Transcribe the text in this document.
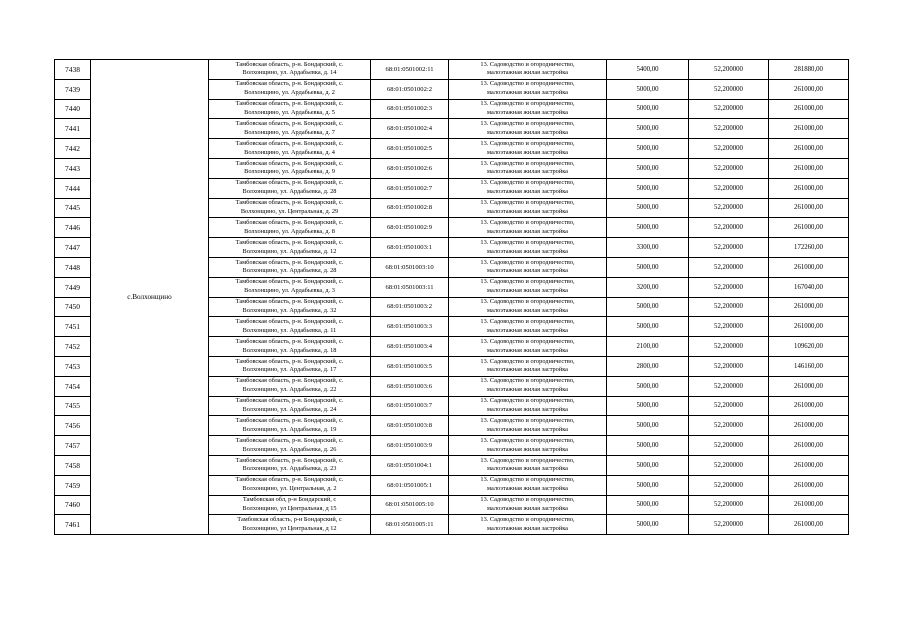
7438	с.Волхонщино	Тамбовская область, р-н. Бондарский, с.
Волхонщино, ул. Ардабьевка, д. 14	68:01:0501002:11	13. Садоводство и огородничество,
малоэтажная жилая застройка	5400,00	52,200000	281880,00
7439		Тамбовская область, р-н. Бондарский, с.
Волхонщино, ул. Ардабьевка, д. 2	68:01:0501002:2	13. Садоводство и огородничество,
малоэтажная жилая застройка	5000,00	52,200000	261000,00
7440		Тамбовская область, р-н. Бондарский, с.
Волхонщино, ул. Ардабьевка, д. 5	68:01:0501002:3	13. Садоводство и огородничество,
малоэтажная жилая застройка	5000,00	52,200000	261000,00
7441		Тамбовская область, р-н. Бондарский, с.
Волхонщино, ул. Ардабьевка, д. 7	68:01:0501002:4	13. Садоводство и огородничество,
малоэтажная жилая застройка	5000,00	52,200000	261000,00
7442		Тамбовская область, р-н. Бондарский, с.
Волхонщино, ул. Ардабьевка, д. 4	68:01:0501002:5	13. Садоводство и огородничество,
малоэтажная жилая застройка	5000,00	52,200000	261000,00
7443		Тамбовская область, р-н. Бондарский, с.
Волхонщино, ул. Ардабьевка, д. 9	68:01:0501002:6	13. Садоводство и огородничество,
малоэтажная жилая застройка	5000,00	52,200000	261000,00
7444		Тамбовская область, р-н. Бондарский, с.
Волхонщино, ул. Ардабьевка, д. 28	68:01:0501002:7	13. Садоводство и огородничество,
малоэтажная жилая застройка	5000,00	52,200000	261000,00
7445		Тамбовская область, р-н. Бондарский, с.
Волхонщино, ул. Центральная, д. 29	68:01:0501002:8	13. Садоводство и огородничество,
малоэтажная жилая застройка	5000,00	52,200000	261000,00
7446		Тамбовская область, р-н. Бондарский, с.
Волхонщино, ул. Ардабьевка, д. 8	68:01:0501002:9	13. Садоводство и огородничество,
малоэтажная жилая застройка	5000,00	52,200000	261000,00
7447		Тамбовская область, р-н. Бондарский, с.
Волхонщино, ул. Ардабьевка, д. 12	68:01:0501003:1	13. Садоводство и огородничество,
малоэтажная жилая застройка	3300,00	52,200000	172260,00
7448		Тамбовская область, р-н. Бондарский, с.
Волхонщино, ул. Ардабьевка, д. 28	68:01:0501003:10	13. Садоводство и огородничество,
малоэтажная жилая застройка	5000,00	52,200000	261000,00
7449		Тамбовская область, р-н. Бондарский, с.
Волхонщино, ул. Ардабьевка, д. 3	68:01:0501003:11	13. Садоводство и огородничество,
малоэтажная жилая застройка	3200,00	52,200000	167040,00
7450		Тамбовская область, р-н. Бондарский, с.
Волхонщино, ул. Ардабьевка, д. 32	68:01:0501003:2	13. Садоводство и огородничество,
малоэтажная жилая застройка	5000,00	52,200000	261000,00
7451		Тамбовская область, р-н. Бондарский, с.
Волхонщино, ул. Ардабьевка, д. 11	68:01:0501003:3	13. Садоводство и огородничество,
малоэтажная жилая застройка	5000,00	52,200000	261000,00
7452		Тамбовская область, р-н. Бондарский, с.
Волхонщино, ул. Ардабьевка, д. 18	68:01:0501003:4	13. Садоводство и огородничество,
малоэтажная жилая застройка	2100,00	52,200000	109620,00
7453		Тамбовская область, р-н. Бондарский, с.
Волхонщино, ул. Ардабьевка, д. 17	68:01:0501003:5	13. Садоводство и огородничество,
малоэтажная жилая застройка	2800,00	52,200000	146160,00
7454		Тамбовская область, р-н. Бондарский, с.
Волхонщино, ул. Ардабьевка, д. 22	68:01:0501003:6	13. Садоводство и огородничество,
малоэтажная жилая застройка	5000,00	52,200000	261000,00
7455		Тамбовская область, р-н. Бондарский, с.
Волхонщино, ул. Ардабьевка, д. 24	68:01:0501003:7	13. Садоводство и огородничество,
малоэтажная жилая застройка	5000,00	52,200000	261000,00
7456		Тамбовская область, р-н. Бондарский, с.
Волхонщино, ул. Ардабьевка, д. 19	68:01:0501003:8	13. Садоводство и огородничество,
малоэтажная жилая застройка	5000,00	52,200000	261000,00
7457		Тамбовская область, р-н. Бондарский, с.
Волхонщино, ул. Ардабьевка, д. 26	68:01:0501003:9	13. Садоводство и огородничество,
малоэтажная жилая застройка	5000,00	52,200000	261000,00
7458		Тамбовская область, р-н. Бондарский, с.
Волхонщино, ул. Ардабьевка, д. 23	68:01:0501004:1	13. Садоводство и огородничество,
малоэтажная жилая застройка	5000,00	52,200000	261000,00
7459		Тамбовская область, р-н. Бондарский, с.
Волхонщино, ул. Центральная, д. 2	68:01:0501005:1	13. Садоводство и огородничество,
малоэтажная жилая застройка	5000,00	52,200000	261000,00
7460		Тамбовская обл, р-н Бондарский, с
Волхонщино, ул Центральная, д 15	68:01:0501005:10	13. Садоводство и огородничество,
малоэтажная жилая застройка	5000,00	52,200000	261000,00
7461		Тамбовская область, р-н Бондарский, с
Волхонщино, ул Центральная, д 12	68:01:0501005:11	13. Садоводство и огородничество,
малоэтажная жилая застройка	5000,00	52,200000	261000,00
